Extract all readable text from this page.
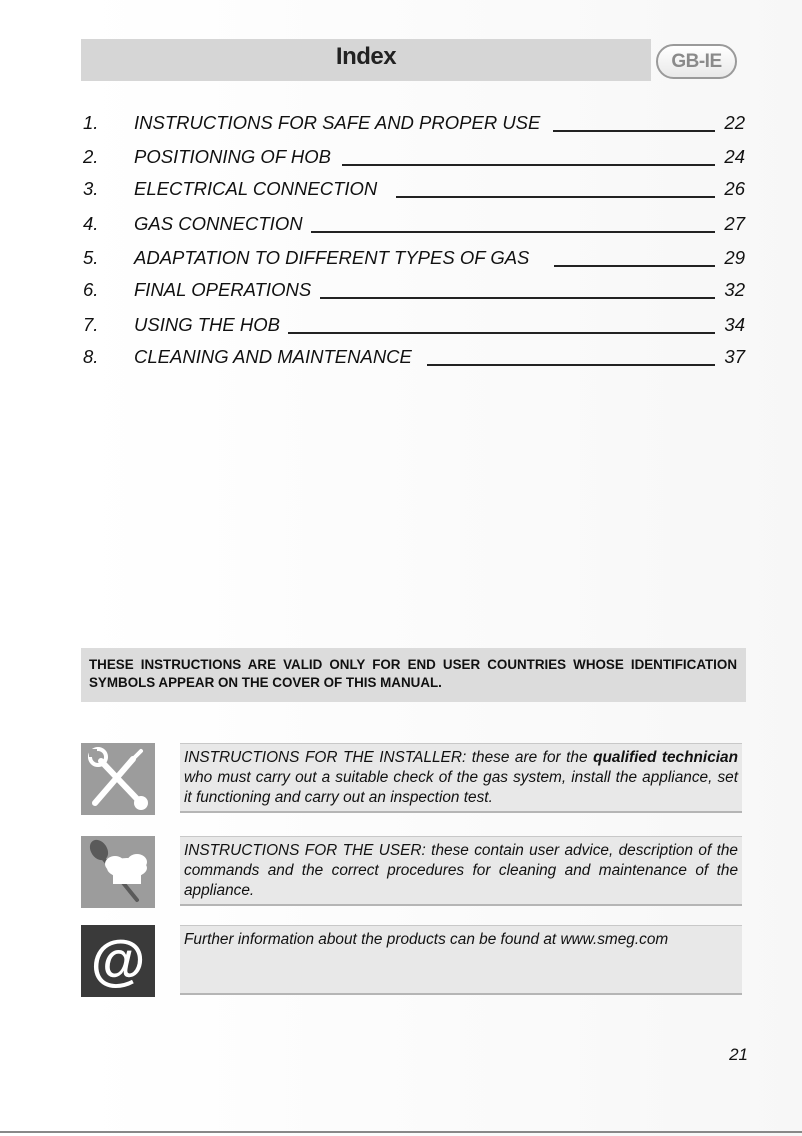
Index	GB-IE
1. INSTRUCTIONS FOR SAFE AND PROPER USE	22
2. POSITIONING OF HOB	24
3. ELECTRICAL CONNECTION	26
4. GAS CONNECTION	27
5. ADAPTATION TO DIFFERENT TYPES OF GAS	29
6. FINAL OPERATIONS	32
7. USING THE HOB	34
8. CLEANING AND MAINTENANCE	37
THESE INSTRUCTIONS ARE VALID ONLY FOR END USER COUNTRIES WHOSE IDENTIFICATION SYMBOLS APPEAR ON THE COVER OF THIS MANUAL.
INSTRUCTIONS FOR THE INSTALLER: these are for the qualified technician who must carry out a suitable check of the gas system, install the appliance, set it functioning and carry out an inspection test.
INSTRUCTIONS FOR THE USER: these contain user advice, description of the commands and the correct procedures for cleaning and maintenance of the appliance.
@	Further information about the products can be found at www.smeg.com
21
